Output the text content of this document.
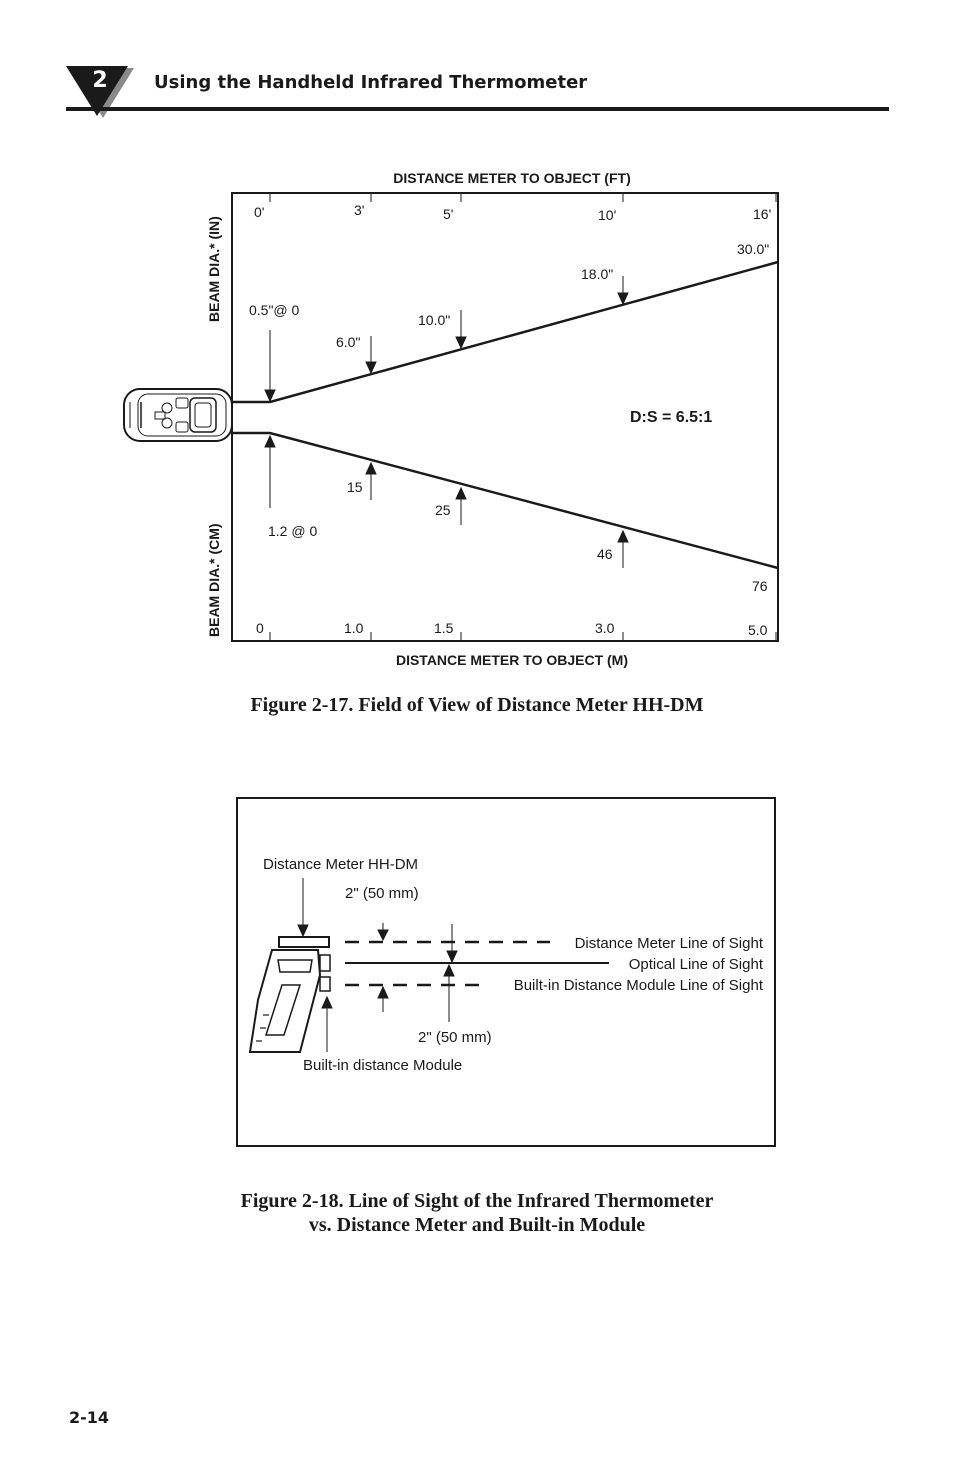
2	Using the Handheld Infrared Thermometer
DISTANCE METER TO OBJECT (FT)
0'	3'	5'	10'	16'
0	1.0	1.5	3.0	5.0
DISTANCE METER TO OBJECT (M)
BEAM DIA.* (IN)
BEAM DIA.* (CM)
0.5"@ 0
6.0"
10.0"
18.0"
30.0"
1.2 @ 0
15
25
46
76
D:S = 6.5:1
Figure 2-17. Field of View of Distance Meter HH-DM
Distance Meter HH-DM
2" (50 mm)
Distance Meter Line of Sight
Optical Line of Sight
Built-in Distance Module Line of Sight
2" (50 mm)
Built-in distance Module
Figure 2-18. Line of Sight of the Infrared Thermometer
vs. Distance Meter and Built-in Module
2-14
